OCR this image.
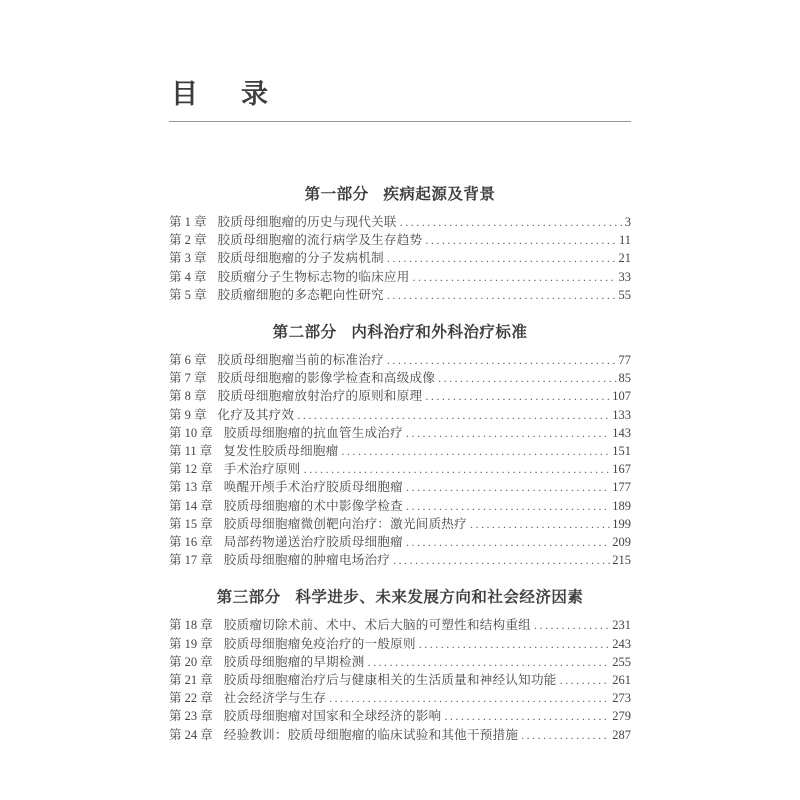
目　录
第一部分 疾病起源及背景
第 1 章 胶质母细胞瘤的历史与现代关联 .....	3
第 2 章 胶质母细胞瘤的流行病学及生存趋势 .....	11
第 3 章 胶质母细胞瘤的分子发病机制 .....	21
第 4 章 胶质瘤分子生物标志物的临床应用 .....	33
第 5 章 胶质瘤细胞的多态靶向性研究 .....	55
第二部分 内科治疗和外科治疗标准
第 6 章 胶质母细胞瘤当前的标准治疗 .....	77
第 7 章 胶质母细胞瘤的影像学检查和高级成像 .....	85
第 8 章 胶质母细胞瘤放射治疗的原则和原理 .....	107
第 9 章 化疗及其疗效 .....	133
第 10 章 胶质母细胞瘤的抗血管生成治疗 .....	143
第 11 章 复发性胶质母细胞瘤 .....	151
第 12 章 手术治疗原则 .....	167
第 13 章 唤醒开颅手术治疗胶质母细胞瘤 .....	177
第 14 章 胶质母细胞瘤的术中影像学检查 .....	189
第 15 章 胶质母细胞瘤微创靶向治疗：激光间质热疗 .....	199
第 16 章 局部药物递送治疗胶质母细胞瘤 .....	209
第 17 章 胶质母细胞瘤的肿瘤电场治疗 .....	215
第三部分 科学进步、未来发展方向和社会经济因素
第 18 章 胶质瘤切除术前、术中、术后大脑的可塑性和结构重组 .....	231
第 19 章 胶质母细胞瘤免疫治疗的一般原则 .....	243
第 20 章 胶质母细胞瘤的早期检测 .....	255
第 21 章 胶质母细胞瘤治疗后与健康相关的生活质量和神经认知功能 .....	261
第 22 章 社会经济学与生存 .....	273
第 23 章 胶质母细胞瘤对国家和全球经济的影响 .....	279
第 24 章 经验教训：胶质母细胞瘤的临床试验和其他干预措施 .....	287
